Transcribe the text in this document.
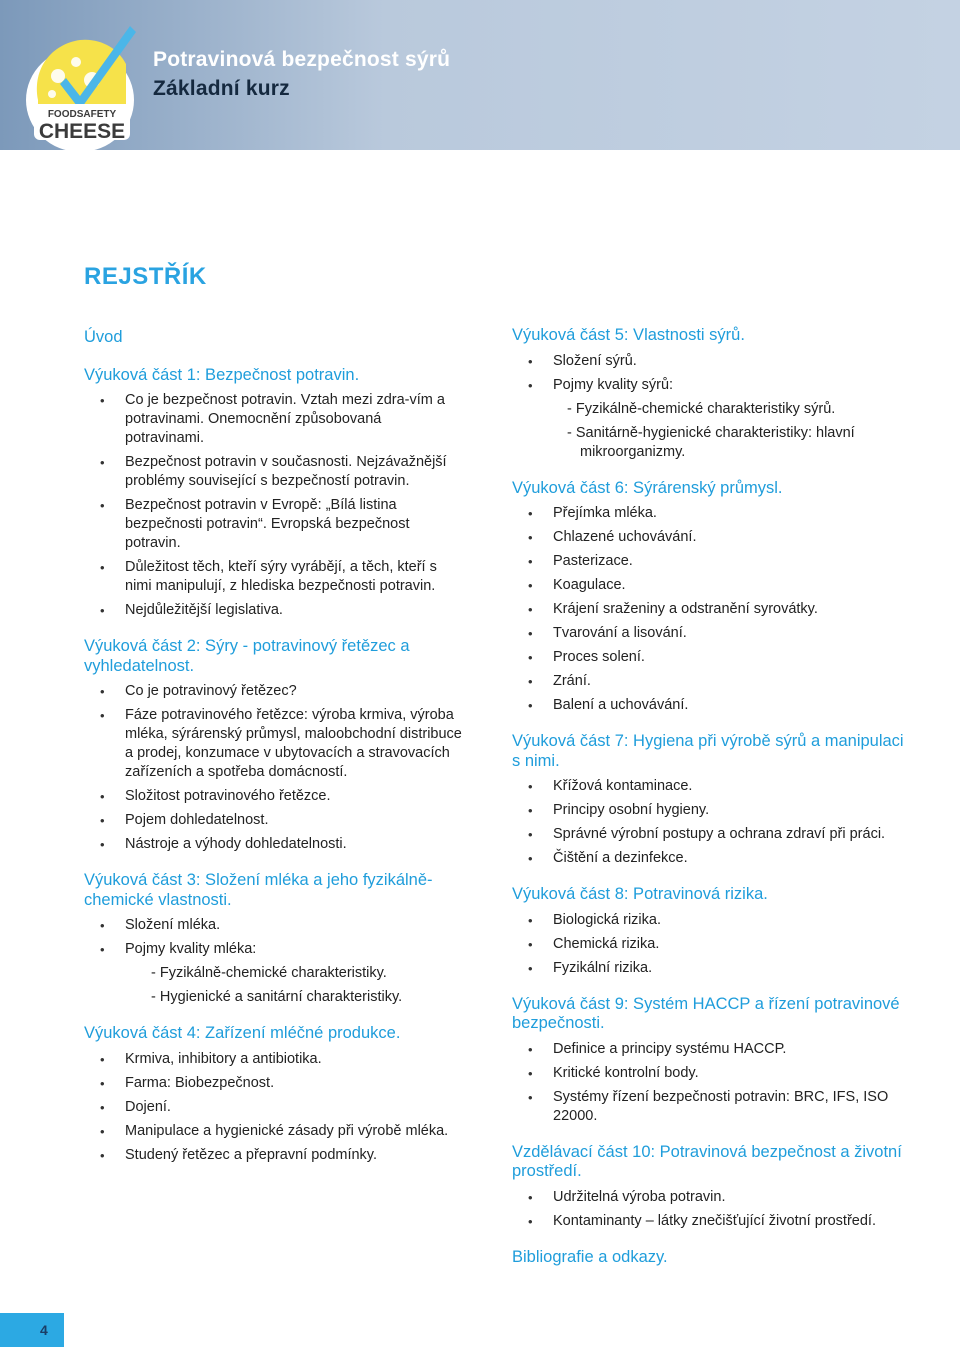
FOODSAFETY
CHEESE
Potravinová bezpečnost sýrů
Základní kurz
REJSTŘÍK
Úvod
Výuková část 1: Bezpečnost potravin.
• Co je bezpečnost potravin. Vztah mezi zdra-vím a potravinami. Onemocnění způsobovaná potravinami.
• Bezpečnost potravin v současnosti. Nejzávažnější problémy související s bezpečností potravin.
• Bezpečnost potravin v Evropě: „Bílá listina bezpečnosti potravin“. Evropská bezpečnost potravin.
• Důležitost těch, kteří sýry vyrábějí, a těch, kteří s nimi manipulují, z hlediska bezpečnosti potravin.
• Nejdůležitější legislativa.
Výuková část 2: Sýry - potravinový řetězec a vyhledatelnost.
• Co je potravinový řetězec?
• Fáze potravinového řetězce: výroba krmiva, výroba mléka, sýrárenský průmysl, maloobchodní distribuce a prodej, konzumace v ubytovacích a stravovacích zařízeních a spotřeba domácností.
• Složitost potravinového řetězce.
• Pojem dohledatelnost.
• Nástroje a výhody dohledatelnosti.
Výuková část 3: Složení mléka a jeho fyzikálně-chemické vlastnosti.
• Složení mléka.
• Pojmy kvality mléka:
- Fyzikálně-chemické charakteristiky.
- Hygienické a sanitární charakteristiky.
Výuková část 4: Zařízení mléčné produkce.
• Krmiva, inhibitory a antibiotika.
• Farma: Biobezpečnost.
• Dojení.
• Manipulace a hygienické zásady při výrobě mléka.
• Studený řetězec a přepravní podmínky.
Výuková část 5: Vlastnosti sýrů.
• Složení sýrů.
• Pojmy kvality sýrů:
- Fyzikálně-chemické charakteristiky sýrů.
- Sanitárně-hygienické charakteristiky: hlavní mikroorganizmy.
Výuková část 6: Sýrárenský průmysl.
• Přejímka mléka.
• Chlazené uchovávání.
• Pasterizace.
• Koagulace.
• Krájení sraženiny a odstranění syrovátky.
• Tvarování a lisování.
• Proces solení.
• Zrání.
• Balení a uchovávání.
Výuková část 7: Hygiena při výrobě sýrů a manipulaci s nimi.
• Křížová kontaminace.
• Principy osobní hygieny.
• Správné výrobní postupy a ochrana zdraví při práci.
• Čištění a dezinfekce.
Výuková část 8: Potravinová rizika.
• Biologická rizika.
• Chemická rizika.
• Fyzikální rizika.
Výuková část 9: Systém HACCP a řízení potravinové bezpečnosti.
• Definice a principy systému HACCP.
• Kritické kontrolní body.
• Systémy řízení bezpečnosti potravin: BRC, IFS, ISO 22000.
Vzdělávací část 10: Potravinová bezpečnost a životní prostředí.
• Udržitelná výroba potravin.
• Kontaminanty – látky znečišťující životní prostředí.
Bibliografie a odkazy.
4
